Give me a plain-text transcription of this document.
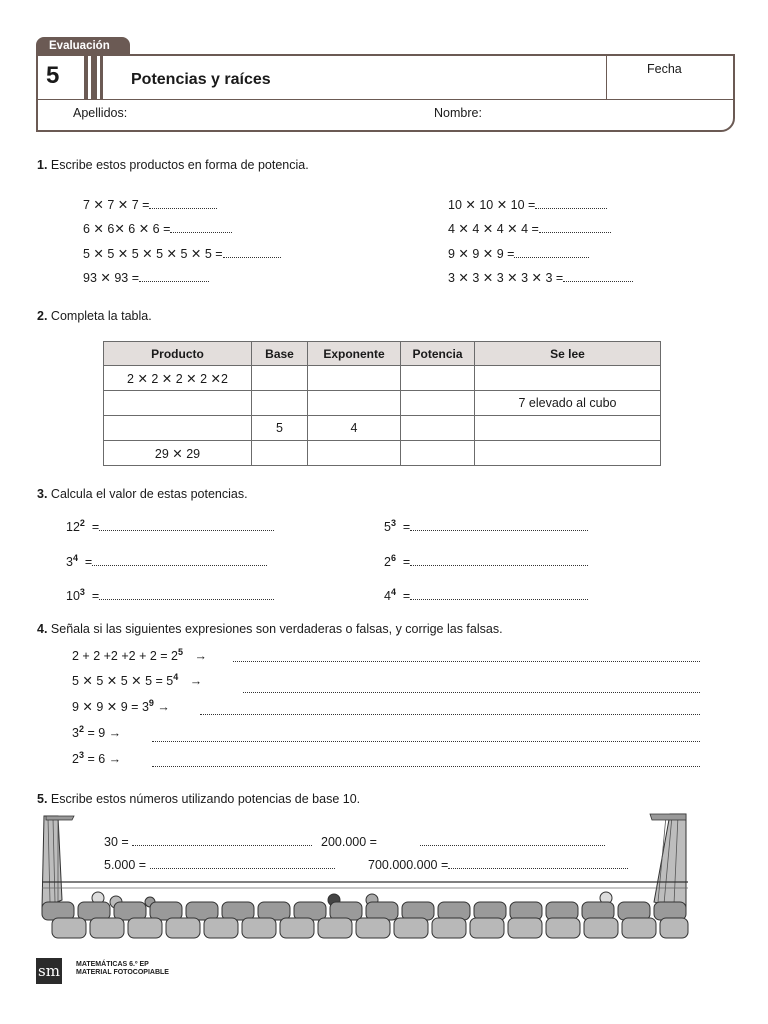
Evaluación
5	Potencias y raíces
Fecha
Apellidos:	Nombre:
1. Escribe estos productos en forma de potencia.
7 ✕ 7 ✕ 7 =
6 ✕ 6✕ 6 ✕ 6 =
5 ✕ 5 ✕ 5 ✕ 5 ✕ 5 ✕ 5 =
93 ✕ 93 =
10 ✕ 10 ✕ 10 =
4 ✕ 4 ✕ 4 ✕ 4 =
9 ✕ 9 ✕ 9 =
3 ✕ 3 ✕ 3 ✕ 3 ✕ 3 =
2. Completa la tabla.
Producto	Base	Exponente	Potencia	Se lee
2 ✕ 2 ✕ 2 ✕ 2 ✕2				
				7 elevado al cubo
	5	4		
29 ✕ 29				
3. Calcula el valor de estas potencias.
$12^2$  =	$5^3$  =
$3^4$  =	$2^6$  =
$10^3$  =	$4^4$  =
4. Señala si las siguientes expresiones son verdaderas o falsas, y corrige las falsas.
$2 + 2 +2 +2 + 2 = 2^5$ →
5 ✕ 5 ✕ 5 ✕ $5 = 5^4$ →
9 ✕ 9 ✕ $9 = 3^9$ →
$3^2 = 9$ →
$2^3 = 6$ →
5. Escribe estos números utilizando potencias de base 10.
30 =	200.000 =
5.000 =	700.000.000 =
sm MATEMÁTICAS 6.º EP
MATERIAL FOTOCOPIABLE
